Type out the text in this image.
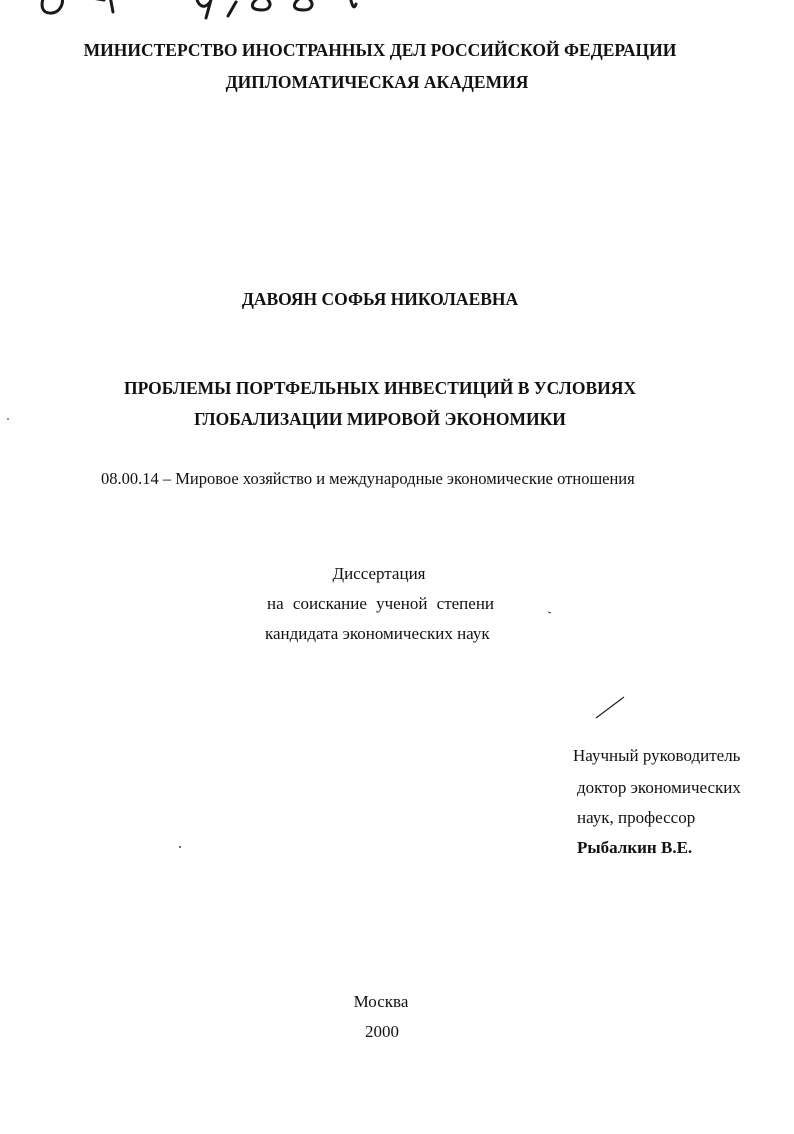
МИНИСТЕРСТВО ИНОСТРАННЫХ ДЕЛ РОССИЙСКОЙ ФЕДЕРАЦИИ
ДИПЛОМАТИЧЕСКАЯ АКАДЕМИЯ
ДАВОЯН СОФЬЯ НИКОЛАЕВНА
ПРОБЛЕМЫ ПОРТФЕЛЬНЫХ ИНВЕСТИЦИЙ В УСЛОВИЯХ
ГЛОБАЛИЗАЦИИ МИРОВОЙ ЭКОНОМИКИ
08.00.14 – Мировое хозяйство и международные экономические отношения
Диссертация
на соискание ученой степени
кандидата экономических наук
Научный руководитель
доктор экономических
наук, профессор
Рыбалкин В.Е.
Москва
2000
